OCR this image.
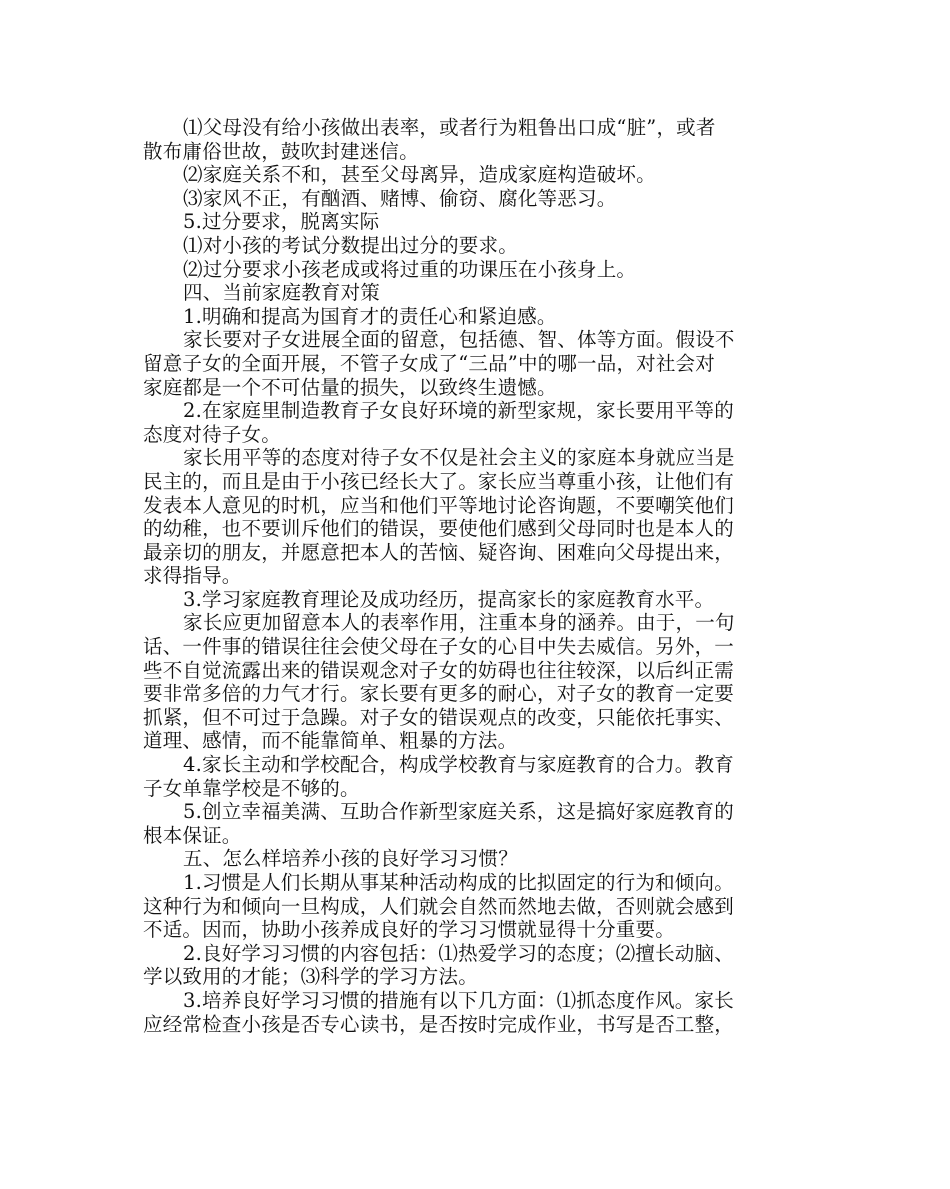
⑴父母没有给小孩做出表率，或者行为粗鲁出口成“脏”，或者
散布庸俗世故，鼓吹封建迷信。
⑵家庭关系不和，甚至父母离异，造成家庭构造破坏。
⑶家风不正，有酗酒、赌博、偷窃、腐化等恶习。
5.过分要求，脱离实际
⑴对小孩的考试分数提出过分的要求。
⑵过分要求小孩老成或将过重的功课压在小孩身上。
四、当前家庭教育对策
1.明确和提高为国育才的责任心和紧迫感。
家长要对子女进展全面的留意，包括德、智、体等方面。假设不
留意子女的全面开展，不管子女成了“三品”中的哪一品，对社会对
家庭都是一个不可估量的损失，以致终生遗憾。
2.在家庭里制造教育子女良好环境的新型家规，家长要用平等的
态度对待子女。
家长用平等的态度对待子女不仅是社会主义的家庭本身就应当是
民主的，而且是由于小孩已经长大了。家长应当尊重小孩，让他们有
发表本人意见的时机，应当和他们平等地讨论咨询题，不要嘲笑他们
的幼稚，也不要训斥他们的错误，要使他们感到父母同时也是本人的
最亲切的朋友，并愿意把本人的苦恼、疑咨询、困难向父母提出来，
求得指导。
3.学习家庭教育理论及成功经历，提高家长的家庭教育水平。
家长应更加留意本人的表率作用，注重本身的涵养。由于，一句
话、一件事的错误往往会使父母在子女的心目中失去威信。另外，一
些不自觉流露出来的错误观念对子女的妨碍也往往较深，以后纠正需
要非常多倍的力气才行。家长要有更多的耐心，对子女的教育一定要
抓紧，但不可过于急躁。对子女的错误观点的改变，只能依托事实、
道理、感情，而不能靠简单、粗暴的方法。
4.家长主动和学校配合，构成学校教育与家庭教育的合力。教育
子女单靠学校是不够的。
5.创立幸福美满、互助合作新型家庭关系，这是搞好家庭教育的
根本保证。
五、怎么样培养小孩的良好学习习惯？
1.习惯是人们长期从事某种活动构成的比拟固定的行为和倾向。
这种行为和倾向一旦构成，人们就会自然而然地去做，否则就会感到
不适。因而，协助小孩养成良好的学习习惯就显得十分重要。
2.良好学习习惯的内容包括：⑴热爱学习的态度；⑵擅长动脑、
学以致用的才能；⑶科学的学习方法。
3.培养良好学习习惯的措施有以下几方面：⑴抓态度作风。家长
应经常检查小孩是否专心读书，是否按时完成作业，书写是否工整，
